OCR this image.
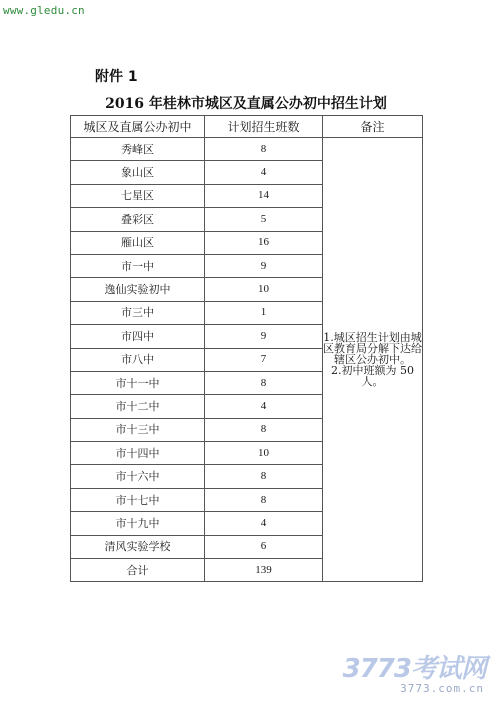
www.gledu.cn
附件 1
2016 年桂林市城区及直属公办初中招生计划
城区及直属公办初中	计划招生班数	备注
秀峰区	8	1.城区招生计划由城区教育局分解下达给辖区公办初中。
2.初中班额为 50 人。

象山区	4	
七星区	14	
叠彩区	5	
雁山区	16	
市一中	9	
逸仙实验初中	10	
市三中	1	
市四中	9	
市八中	7	
市十一中	8	
市十二中	4	
市十三中	8	
市十四中	10	
市十六中	8	
市十七中	8	
市十九中	4	
清风实验学校	6	
合计	139	
3773考试网
3773.com.cn
